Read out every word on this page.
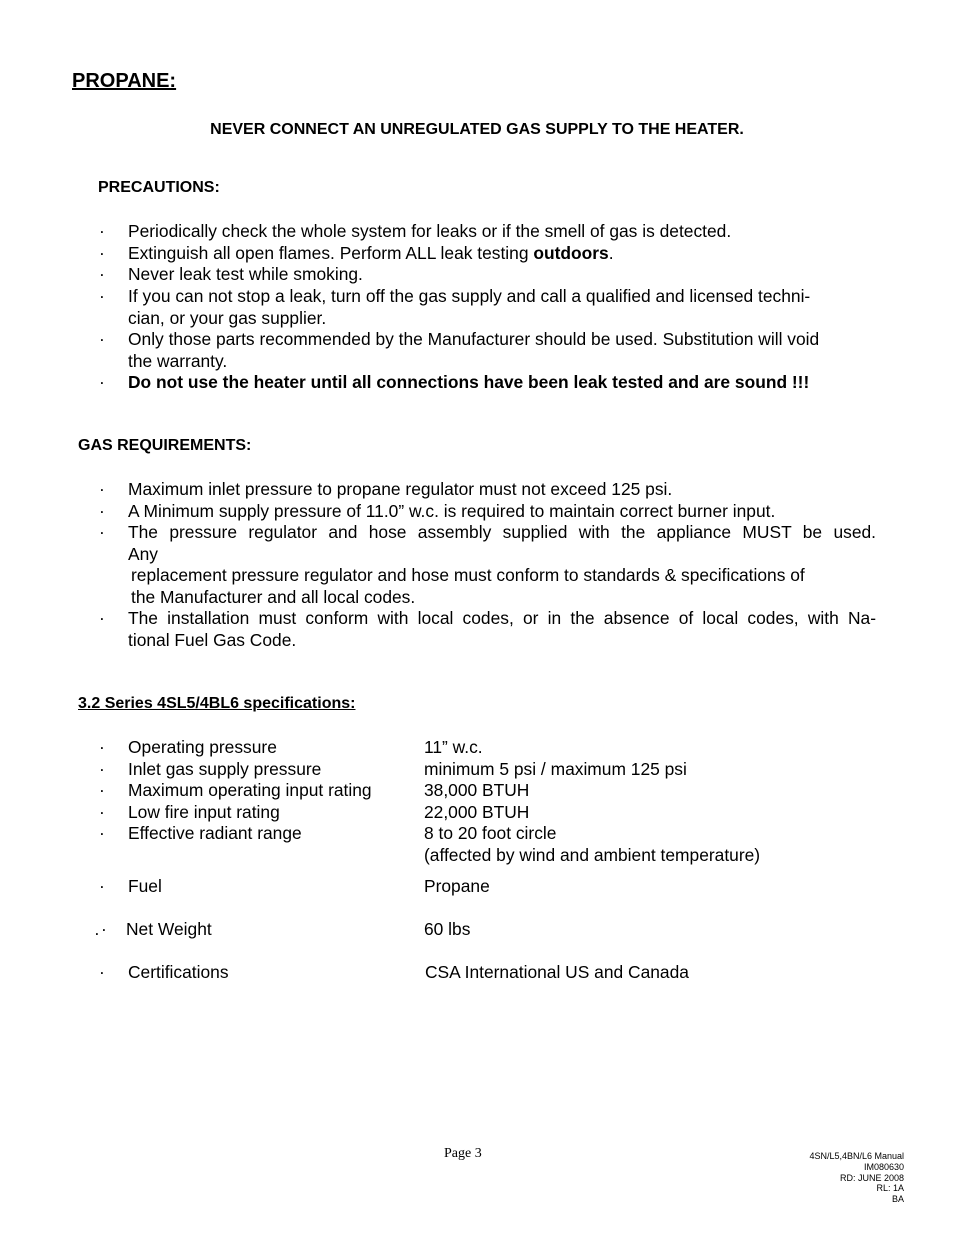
PROPANE:
NEVER CONNECT AN UNREGULATED GAS SUPPLY TO THE HEATER.
PRECAUTIONS:
· Periodically check the whole system for leaks or if the smell of gas is detected.
· Extinguish all open flames. Perform ALL leak testing outdoors.
· Never leak test while smoking.
· If you can not stop a leak, turn off the gas supply and call a qualified and licensed techni-
cian, or your gas supplier.
· Only those parts recommended by the Manufacturer should be used. Substitution will void
the warranty.
· Do not use the heater until all connections have been leak tested and are sound !!!
GAS REQUIREMENTS:
· Maximum inlet pressure to propane regulator must not exceed 125 psi.
· A Minimum supply pressure of 11.0” w.c. is required to maintain correct burner input.
· The pressure regulator and hose assembly supplied with the appliance MUST be used.
Any
replacement pressure regulator and hose must conform to standards & specifications of
the Manufacturer and all local codes.
· The installation must conform with local codes, or in the absence of local codes, with Na-
tional Fuel Gas Code.
3.2 Series 4SL5/4BL6 specifications:
· Operating pressure	11” w.c.
· Inlet gas supply pressure	minimum 5 psi / maximum 125 psi
· Maximum operating input rating	38,000 BTUH
· Low fire input rating	22,000 BTUH
· Effective radiant range	8 to 20 foot circle
(affected by wind and ambient temperature)
· Fuel	Propane
· · Net Weight	60 lbs
· Certifications	CSA International US and Canada
Page 3	4SN/L5,4BN/L6 Manual
IM080630
RD: JUNE 2008
RL: 1A
BA
